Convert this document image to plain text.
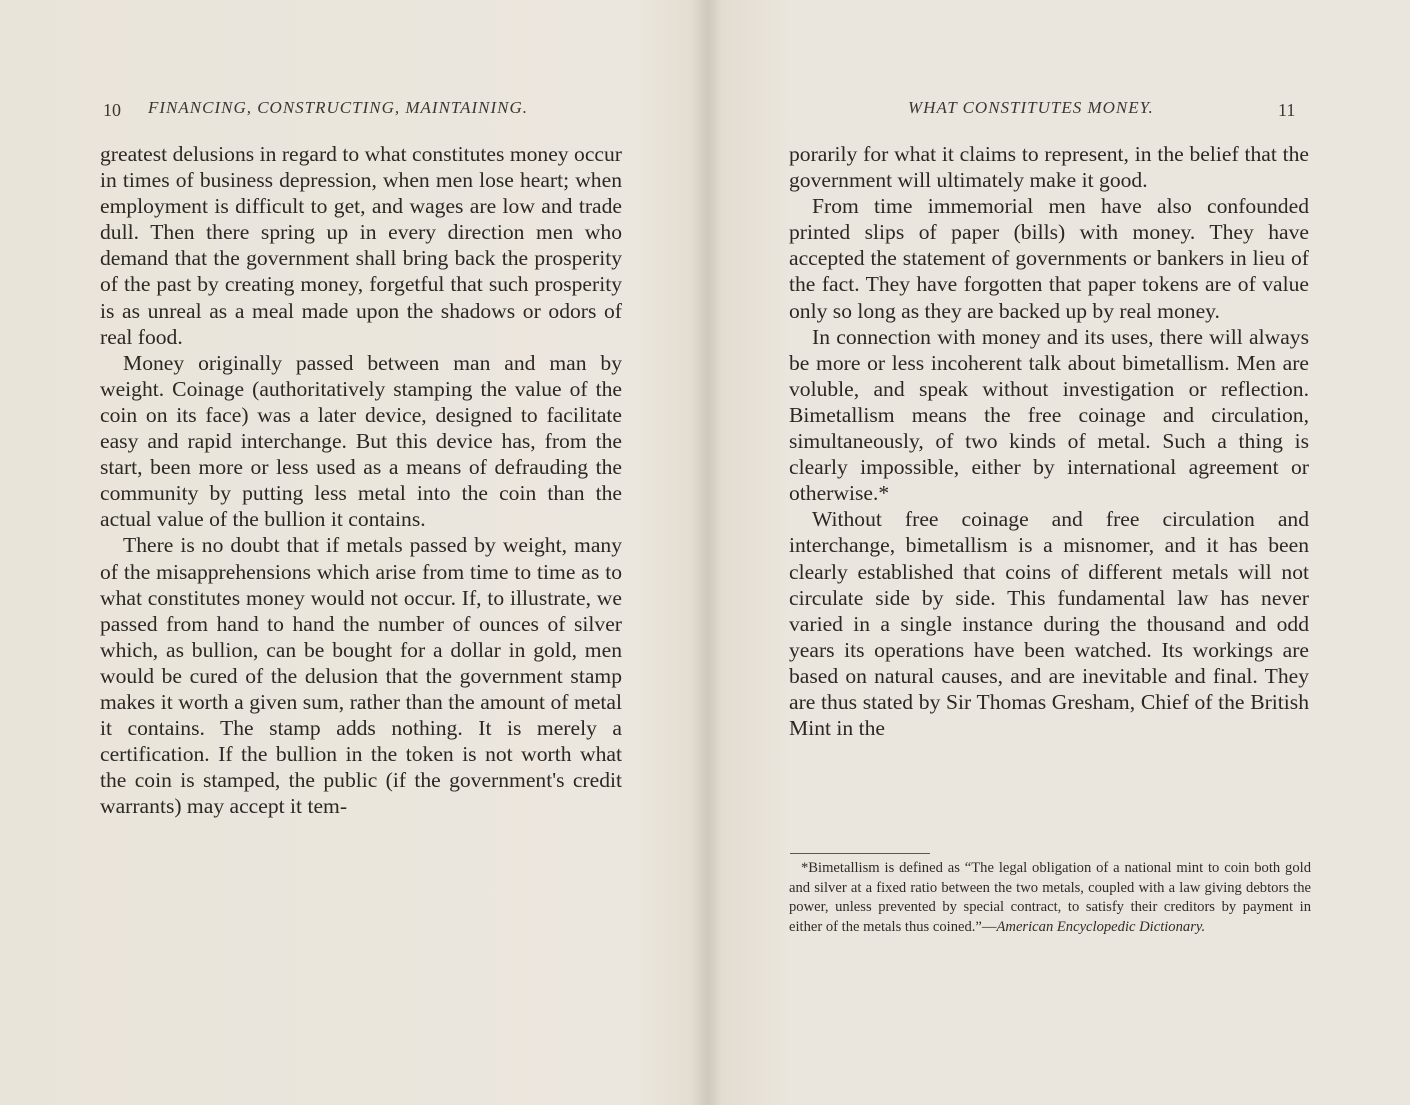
10 FINANCING, CONSTRUCTING, MAINTAINING.

greatest delusions in regard to what constitutes money occur in times of business depression, when men lose heart; when employment is difficult to get, and wages are low and trade dull. Then there spring up in every direction men who demand that the government shall bring back the prosperity of the past by creating money, forgetful that such prosperity is as unreal as a meal made upon the shadows or odors of real food.

Money originally passed between man and man by weight. Coinage (authoritatively stamping the value of the coin on its face) was a later device, designed to facilitate easy and rapid interchange. But this device has, from the start, been more or less used as a means of defrauding the community by putting less metal into the coin than the actual value of the bullion it contains.

There is no doubt that if metals passed by weight, many of the misapprehensions which arise from time to time as to what constitutes money would not occur. If, to illustrate, we passed from hand to hand the number of ounces of silver which, as bullion, can be bought for a dollar in gold, men would be cured of the delusion that the government stamp makes it worth a given sum, rather than the amount of metal it contains. The stamp adds nothing. It is merely a certification. If the bullion in the token is not worth what the coin is stamped, the public (if the government's credit warrants) may accept it tem-

WHAT CONSTITUTES MONEY.	11

porarily for what it claims to represent, in the belief that the government will ultimately make it good.

From time immemorial men have also confounded printed slips of paper (bills) with money. They have accepted the statement of governments or bankers in lieu of the fact. They have forgotten that paper tokens are of value only so long as they are backed up by real money.

In connection with money and its uses, there will always be more or less incoherent talk about bimetallism. Men are voluble, and speak without investigation or reflection. Bimetallism means the free coinage and circulation, simultaneously, of two kinds of metal. Such a thing is clearly impossible, either by international agreement or otherwise.*

Without free coinage and free circulation and interchange, bimetallism is a misnomer, and it has been clearly established that coins of different metals will not circulate side by side. This fundamental law has never varied in a single instance during the thousand and odd years its operations have been watched. Its workings are based on natural causes, and are inevitable and final. They are thus stated by Sir Thomas Gresham, Chief of the British Mint in the

*Bimetallism is defined as “The legal obligation of a national mint to coin both gold and silver at a fixed ratio between the two metals, coupled with a law giving debtors the power, unless prevented by special contract, to satisfy their creditors by payment in either of the metals thus coined.”—American Encyclopedic Dictionary.
